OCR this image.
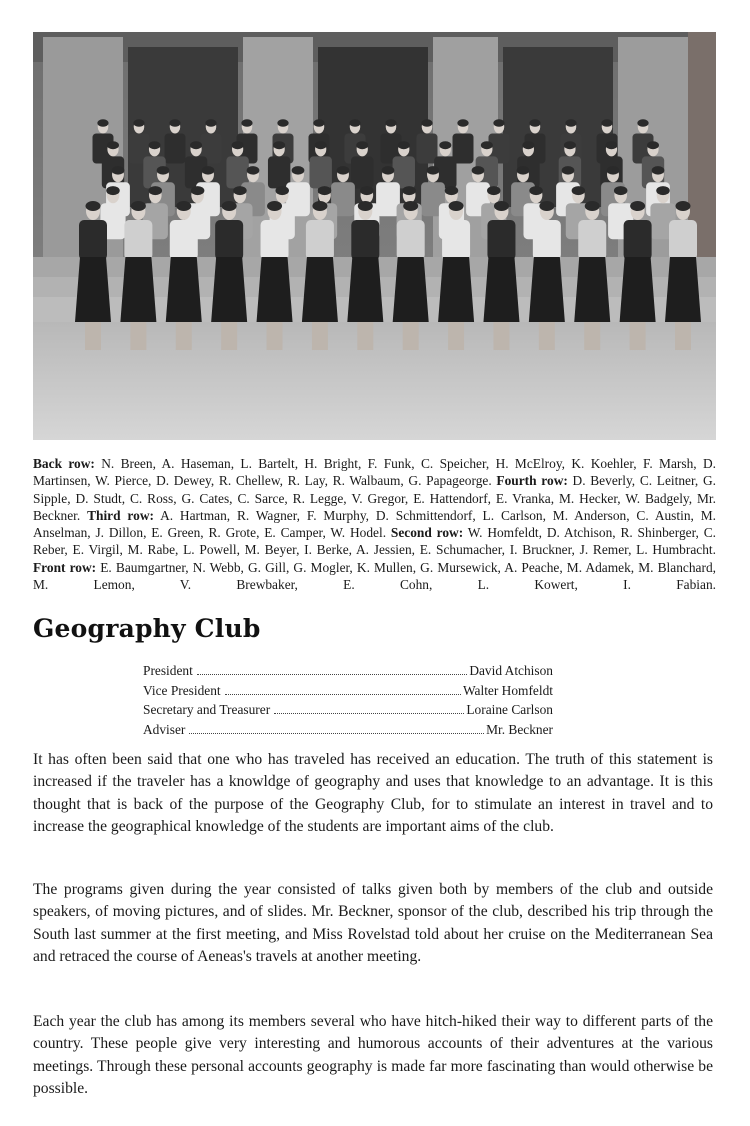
Back row: N. Breen, A. Haseman, L. Bartelt, H. Bright, F. Funk, C. Speicher, H. McElroy, K. Koehler, F. Marsh, D. Martinsen, W. Pierce, D. Dewey, R. Chellew, R. Lay, R. Walbaum, G. Papageorge. Fourth row: D. Beverly, C. Leitner, G. Sipple, D. Studt, C. Ross, G. Cates, C. Sarce, R. Legge, V. Gregor, E. Hattendorf, E. Vranka, M. Hecker, W. Badgely, Mr. Beckner. Third row: A. Hartman, R. Wagner, F. Murphy, D. Schmittendorf, L. Carlson, M. Anderson, C. Austin, M. Anselman, J. Dillon, E. Green, R. Grote, E. Camper, W. Hodel. Second row: W. Homfeldt, D. Atchison, R. Shinberger, C. Reber, E. Virgil, M. Rabe, L. Powell, M. Beyer, I. Berke, A. Jessien, E. Schumacher, I. Bruckner, J. Remer, L. Humbracht. Front row: E. Baumgartner, N. Webb, G. Gill, G. Mogler, K. Mullen, G. Mursewick, A. Peache, M. Adamek, M. Blanchard, M. Lemon, V. Brewbaker, E. Cohn, L. Kowert, I. Fabian.

Geography Club
President	David Atchison
Vice President	Walter Homfeldt
Secretary and Treasurer	Loraine Carlson
Adviser	Mr. Beckner

It has often been said that one who has traveled has received an education. The truth of this statement is increased if the traveler has a knowldge of geography and uses that knowledge to an advantage. It is this thought that is back of the purpose of the Geography Club, for to stimulate an interest in travel and to increase the geographical knowledge of the students are important aims of the club.

The programs given during the year consisted of talks given both by members of the club and outside speakers, of moving pictures, and of slides. Mr. Beckner, sponsor of the club, described his trip through the South last summer at the first meeting, and Miss Rovelstad told about her cruise on the Mediterranean Sea and retraced the course of Aeneas's travels at another meeting.

Each year the club has among its members several who have hitch-hiked their way to different parts of the country. These people give very interesting and humorous accounts of their adventures at the various meetings. Through these personal accounts geography is made far more fascinating than would otherwise be possible.
